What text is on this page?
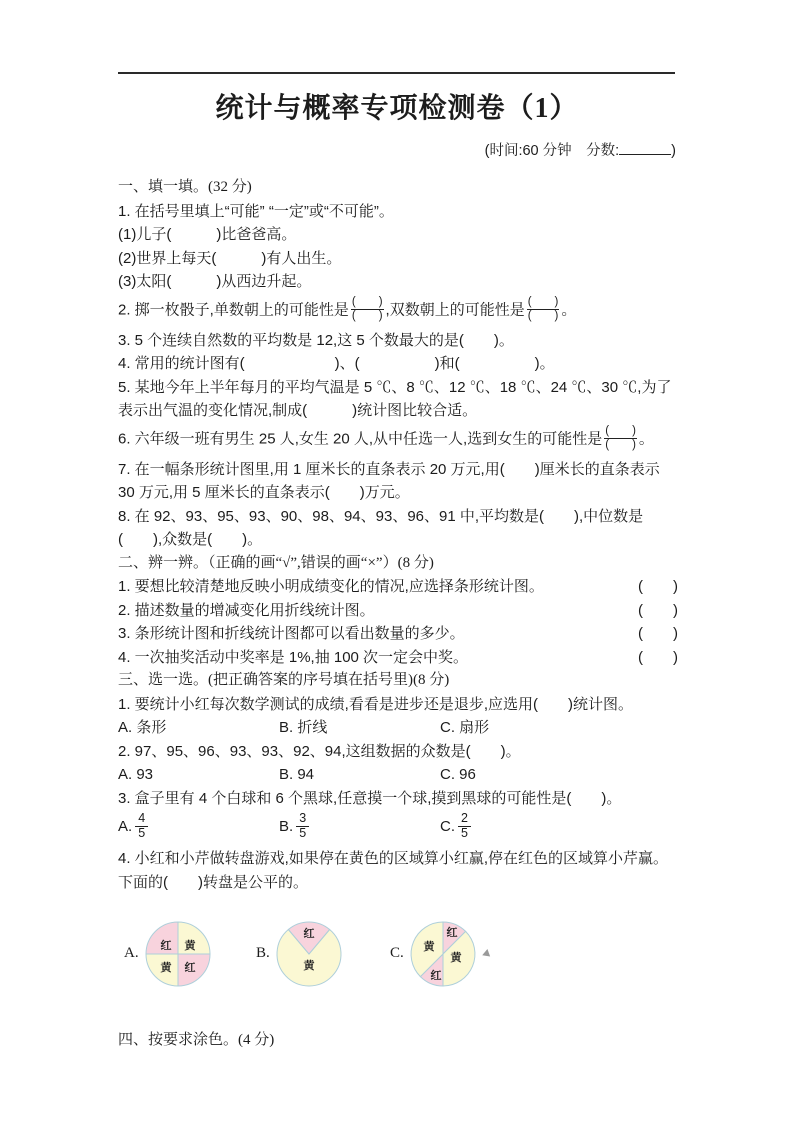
统计与概率专项检测卷（1）
(时间:60 分钟　分数:	)
一、填一填。(32 分)
1. 在括号里填上“可能” “一定”或“不可能”。
(1)儿子(　　　)比爸爸高。
(2)世界上每天(　　　)有人出生。
(3)太阳(　　　)从西边升起。
2. 掷一枚骰子,单数朝上的可能性是 (　　)
(　　) ,双数朝上的可能性是 (　　)
(　　) 。
3. 5 个连续自然数的平均数是 12,这 5 个数最大的是(　　)。
4. 常用的统计图有(　　　　　　)、(　　　　　)和(　　　　　)。
5. 某地今年上半年每月的平均气温是 5 ℃、8 ℃、12 ℃、18 ℃、24 ℃、30 ℃,为了表示出气温的变化情况,制成(　　　)统计图比较合适。
6. 六年级一班有男生 25 人,女生 20 人,从中任选一人,选到女生的可能性是 (　　)
(　　) 。
7. 在一幅条形统计图里,用 1 厘米长的直条表示 20 万元,用(　　)厘米长的直条表示 30 万元,用 5 厘米长的直条表示(　　)万元。
8. 在 92、93、95、93、90、98、94、93、96、91 中,平均数是(　　),中位数是(　　),众数是(　　)。
二、辨一辨。（正确的画“√”,错误的画“×”）(8 分)
1. 要想比较清楚地反映小明成绩变化的情况,应选择条形统计图。	(　　)
2. 描述数量的增减变化用折线统计图。	(　　)
3. 条形统计图和折线统计图都可以看出数量的多少。	(　　)
4. 一次抽奖活动中奖率是 1%,抽 100 次一定会中奖。	(　　)
三、选一选。(把正确答案的序号填在括号里)(8 分)
1. 要统计小红每次数学测试的成绩,看看是进步还是退步,应选用(　　)统计图。
A. 条形	B. 折线	C. 扇形
2. 97、95、96、93、93、92、94,这组数据的众数是(　　)。
A. 93	B. 94	C. 96
3. 盒子里有 4 个白球和 6 个黑球,任意摸一个球,摸到黑球的可能性是(　　)。
A. $\frac{4}{5}$	B. $\frac{3}{5}$	C. $\frac{2}{5}$
4. 小红和小芹做转盘游戏,如果停在黄色的区域算小红赢,停在红色的区域算小芹赢。 下面的(　　)转盘是公平的。
A. 红 黄
黄 红
B.
红
黄
C.
红
黄
红
黄
四、按要求涂色。(4 分)
